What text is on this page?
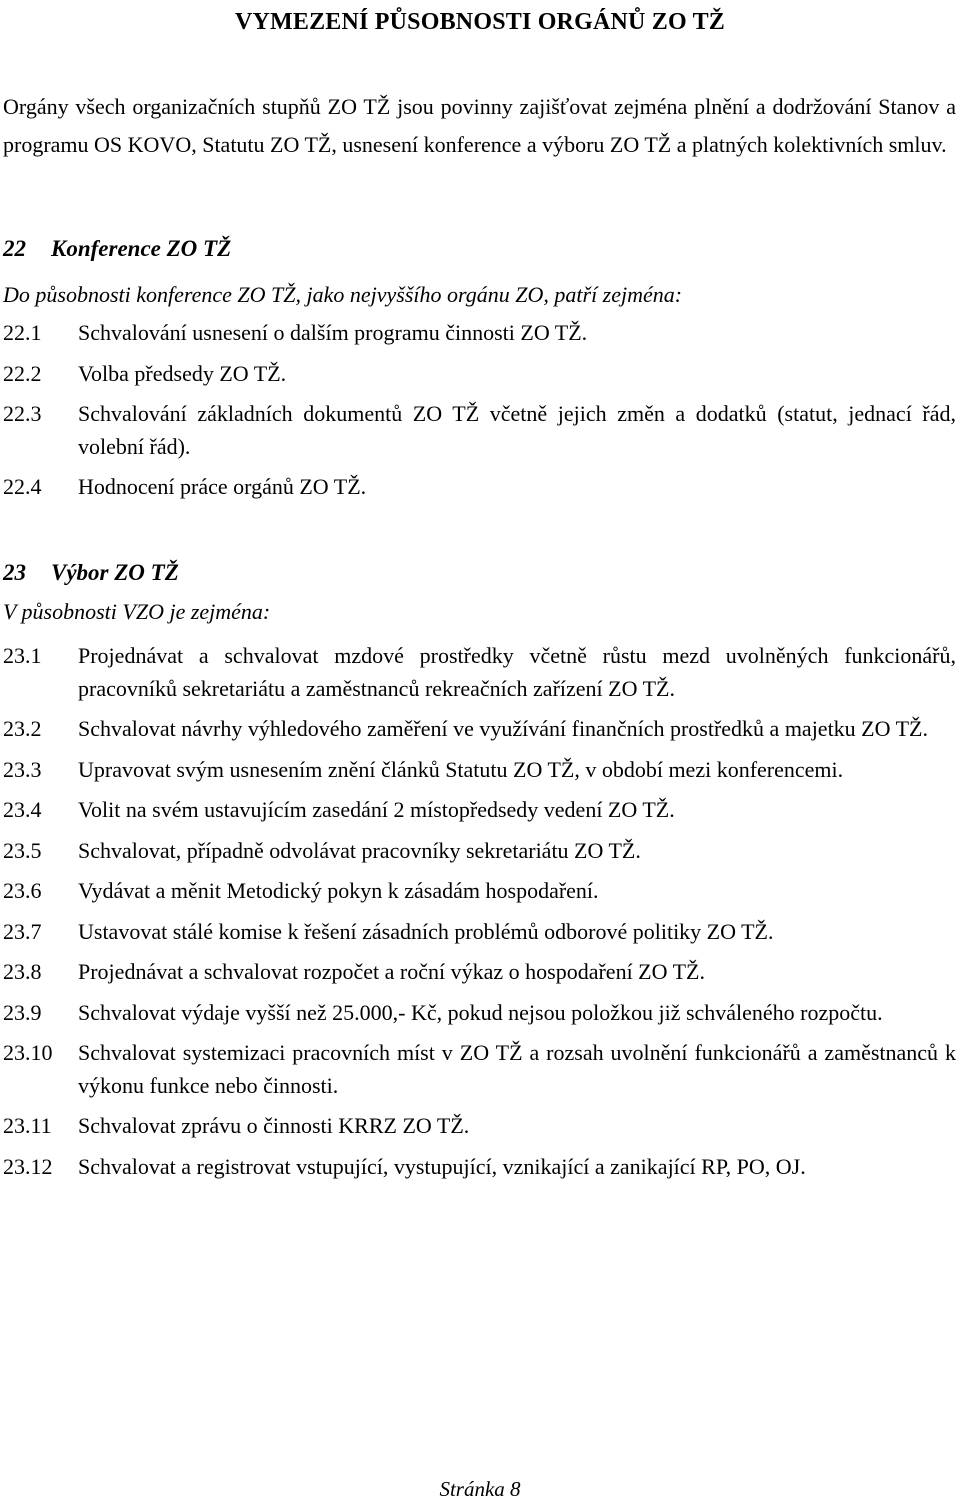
VYMEZENÍ PŮSOBNOSTI ORGÁNŮ ZO TŽ
Orgány všech organizačních stupňů ZO TŽ jsou povinny zajišťovat zejména plnění a dodržování Stanov a programu OS KOVO, Statutu ZO TŽ, usnesení konference a výboru ZO TŽ a platných kolektivních smluv.
22 Konference ZO TŽ
Do působnosti konference ZO TŽ, jako nejvyššího orgánu ZO, patří zejména:
22.1	Schvalování usnesení o dalším programu činnosti ZO TŽ.
22.2	Volba předsedy ZO TŽ.
22.3	Schvalování základních dokumentů ZO TŽ včetně jejich změn a dodatků (statut, jednací řád, volební řád).
22.4	Hodnocení práce orgánů ZO TŽ.
23 Výbor ZO TŽ
V působnosti VZO je zejména:
23.1	Projednávat a schvalovat mzdové prostředky včetně růstu mezd uvolněných funkcionářů, pracovníků sekretariátu a zaměstnanců rekreačních zařízení ZO TŽ.
23.2	Schvalovat návrhy výhledového zaměření ve využívání finančních prostředků a majetku ZO TŽ.
23.3	Upravovat svým usnesením znění článků Statutu ZO TŽ, v období mezi konferencemi.
23.4	Volit na svém ustavujícím zasedání 2 místopředsedy vedení ZO TŽ.
23.5	Schvalovat, případně odvolávat pracovníky sekretariátu ZO TŽ.
23.6	Vydávat a měnit Metodický pokyn k zásadám hospodaření.
23.7	Ustavovat stálé komise k řešení zásadních problémů odborové politiky ZO TŽ.
23.8	Projednávat a schvalovat rozpočet a roční výkaz o hospodaření ZO TŽ.
23.9	Schvalovat výdaje vyšší než 25.000,- Kč, pokud nejsou položkou již schváleného rozpočtu.
23.10	Schvalovat systemizaci pracovních míst v ZO TŽ a rozsah uvolnění funkcionářů a zaměstnanců k výkonu funkce nebo činnosti.
23.11	Schvalovat zprávu o činnosti KRRZ ZO TŽ.
23.12	Schvalovat a registrovat vstupující, vystupující, vznikající a zanikající RP, PO, OJ.
Stránka 8
